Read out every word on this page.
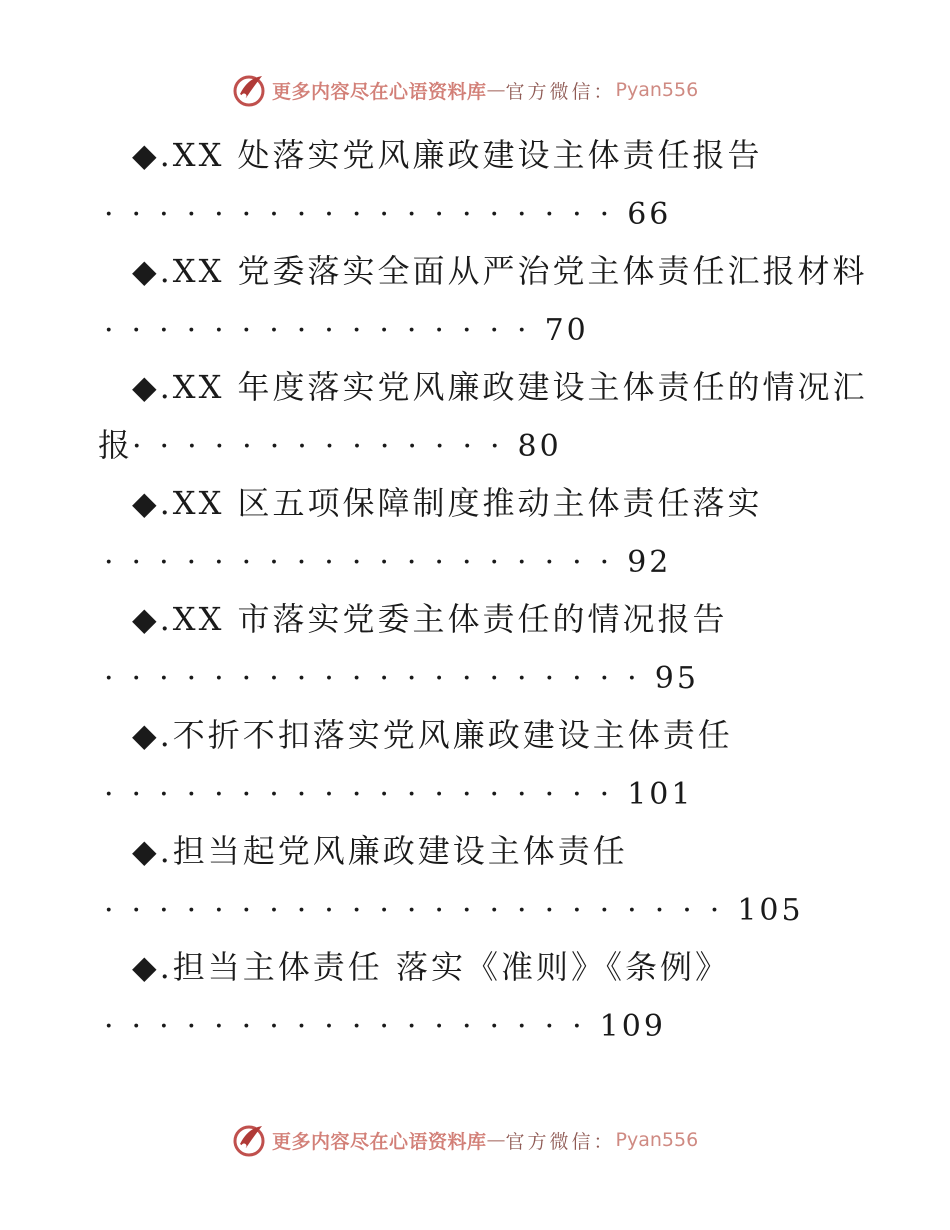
更多内容尽在心语资料库 — 官方微信： Pyan556
◆.XX 处落实党风廉政建设主体责任报告
···················66
◆.XX 党委落实全面从严治党主体责任汇报材料
················70
◆.XX 年度落实党风廉政建设主体责任的情况汇
报··············80
◆.XX 区五项保障制度推动主体责任落实
···················92
◆.XX 市落实党委主体责任的情况报告
····················95
◆.不折不扣落实党风廉政建设主体责任
···················101
◆.担当起党风廉政建设主体责任
·······················105
◆.担当主体责任 落实《准则》《条例》
··················109
更多内容尽在心语资料库 — 官方微信： Pyan556
